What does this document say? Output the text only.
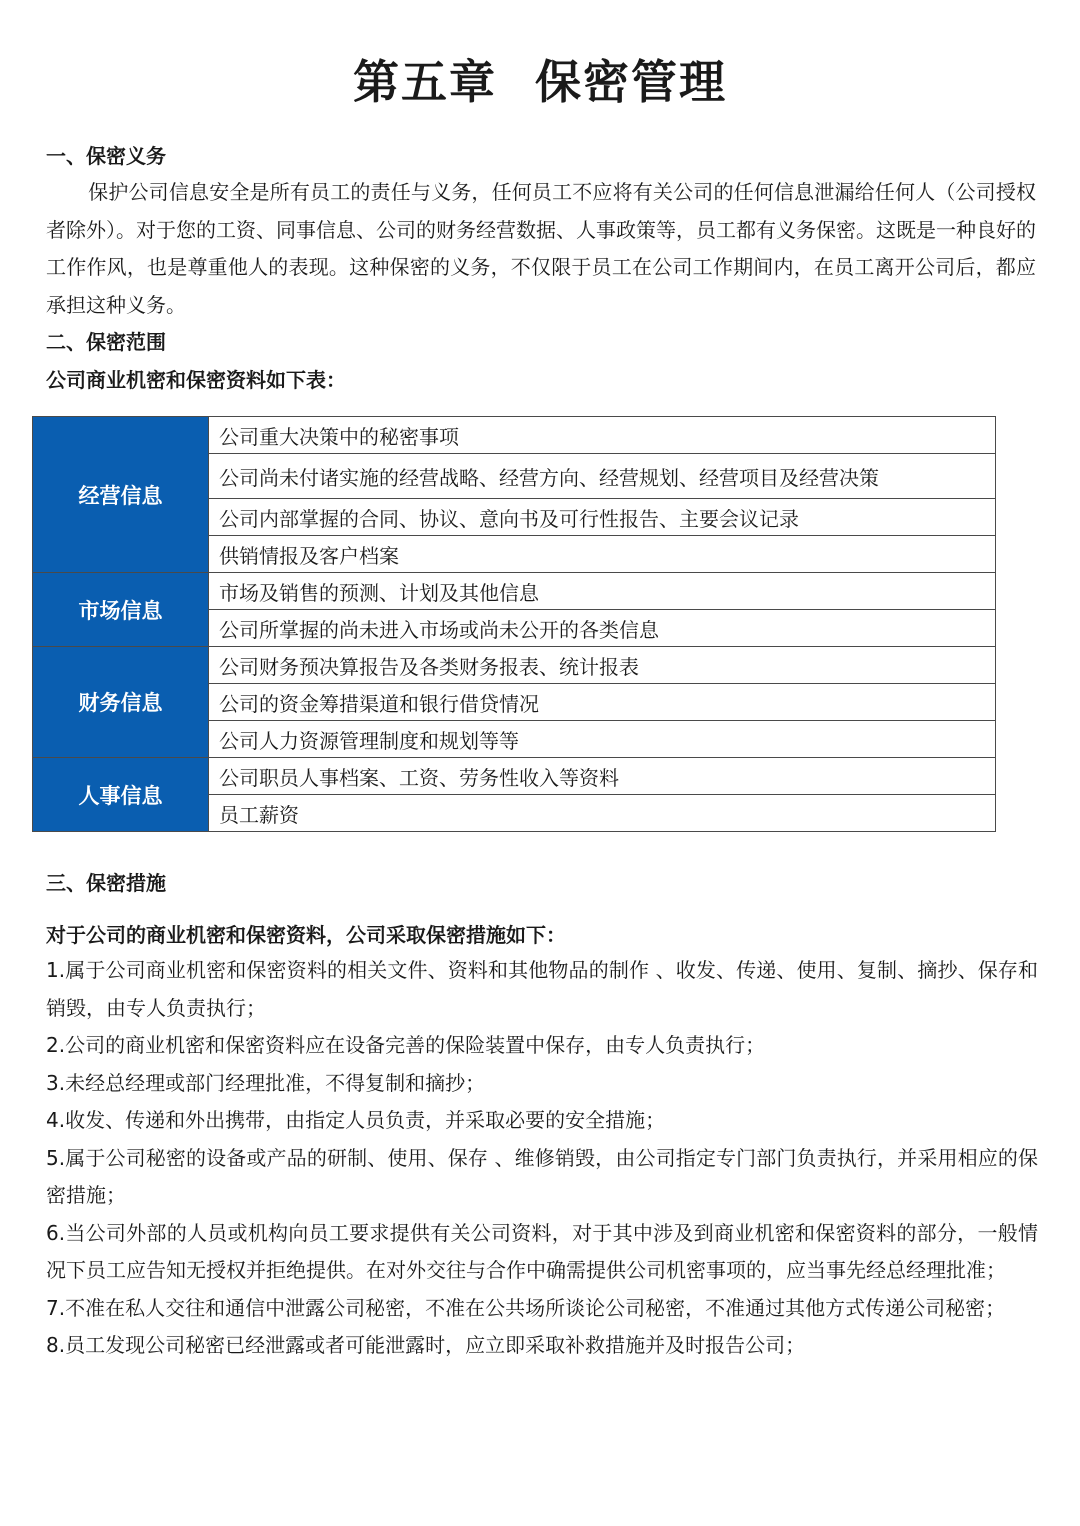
第五章 保密管理
一、保密义务

保护公司信息安全是所有员工的责任与义务，任何员工不应将有关公司的任何信息泄漏给任何人（公司授权者除外）。对于您的工资、同事信息、公司的财务经营数据、人事政策等，员工都有义务保密。这既是一种良好的工作作风，也是尊重他人的表现。这种保密的义务，不仅限于员工在公司工作期间内，在员工离开公司后，都应承担这种义务。

二、保密范围

公司商业机密和保密资料如下表：

经营信息	公司重大决策中的秘密事项
	公司尚未付诸实施的经营战略、经营方向、经营规划、经营项目及经营决策
	公司内部掌握的合同、协议、意向书及可行性报告、主要会议记录
	供销情报及客户档案
市场信息	市场及销售的预测、计划及其他信息
	公司所掌握的尚未进入市场或尚未公开的各类信息
财务信息	公司财务预决算报告及各类财务报表、统计报表
	公司的资金筹措渠道和银行借贷情况
	公司人力资源管理制度和规划等等
人事信息	公司职员人事档案、工资、劳务性收入等资料
	员工薪资
三、保密措施

对于公司的商业机密和保密资料，公司采取保密措施如下：

1.属于公司商业机密和保密资料的相关文件、资料和其他物品的制作 、收发、传递、使用、复制、摘抄、保存和销毁，由专人负责执行；
2.公司的商业机密和保密资料应在设备完善的保险装置中保存，由专人负责执行；
3.未经总经理或部门经理批准，不得复制和摘抄；
4.收发、传递和外出携带，由指定人员负责，并采取必要的安全措施；
5.属于公司秘密的设备或产品的研制、使用、保存 、维修销毁，由公司指定专门部门负责执行，并采用相应的保密措施；
6.当公司外部的人员或机构向员工要求提供有关公司资料，对于其中涉及到商业机密和保密资料的部分，一般情况下员工应告知无授权并拒绝提供。在对外交往与合作中确需提供公司机密事项的，应当事先经总经理批准；
7.不准在私人交往和通信中泄露公司秘密，不准在公共场所谈论公司秘密，不准通过其他方式传递公司秘密；
8.员工发现公司秘密已经泄露或者可能泄露时，应立即采取补救措施并及时报告公司；
